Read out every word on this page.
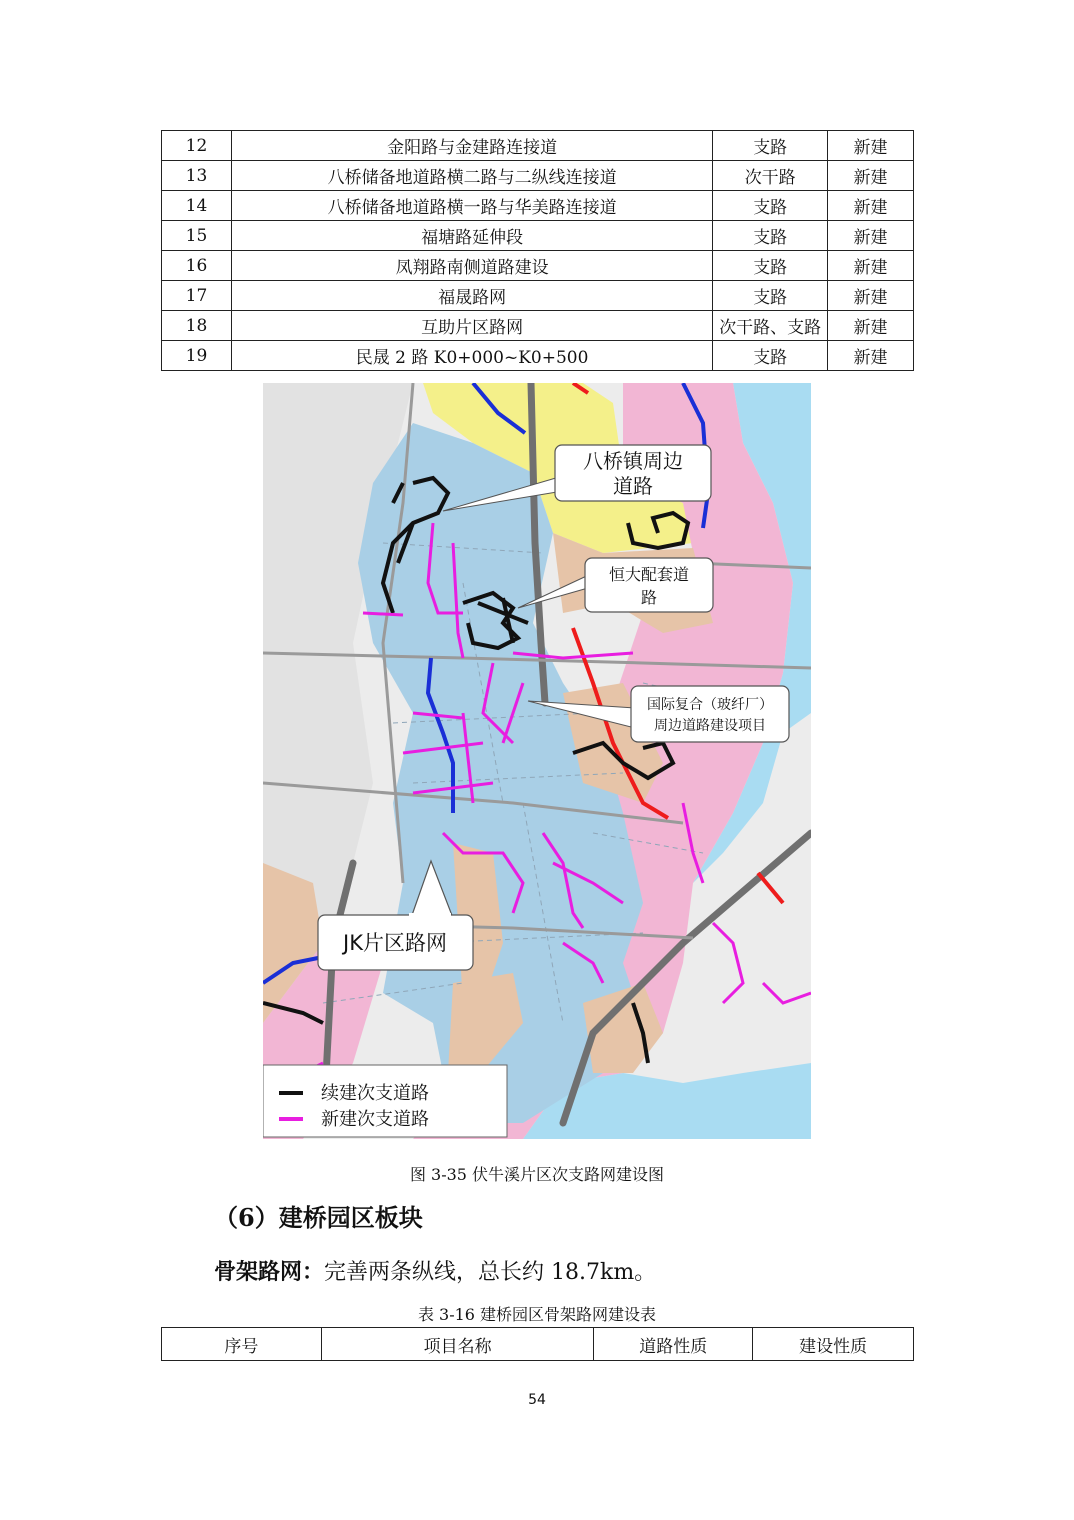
12	金阳路与金建路连接道	支路	新建
13	八桥储备地道路横二路与二纵线连接道	次干路	新建
14	八桥储备地道路横一路与华美路连接道	支路	新建
15	福塘路延伸段	支路	新建
16	凤翔路南侧道路建设	支路	新建
17	福晟路网	支路	新建
18	互助片区路网	次干路、支路	新建
19	民晟 2 路 K0+000~K0+500	支路	新建
八桥镇周边
道路
恒大配套道
路
国际复合（玻纤厂）
周边道路建设项目
JK片区路网
续建次支道路
新建次支道路
图 3-35 伏牛溪片区次支路网建设图
（6）建桥园区板块
骨架路网：完善两条纵线，总长约 18.7km。
表 3-16 建桥园区骨架路网建设表
序号	项目名称	道路性质	建设性质
54
